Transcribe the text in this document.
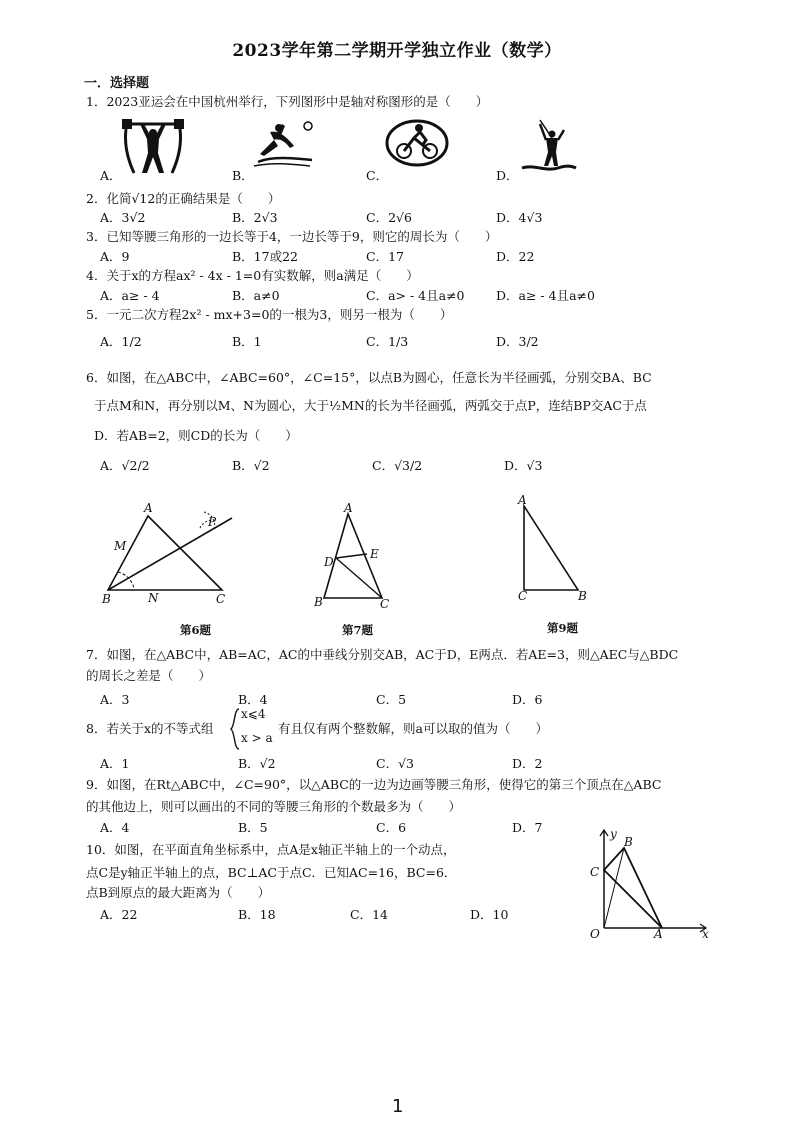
2023学年第二学期开学独立作业（数学）
一．选择题
1．2023亚运会在中国杭州举行，下列图形中是轴对称图形的是（　　）
A．	B．	C．	D．
2．化简√12的正确结果是（　　）
A．3√2	B．2√3	C．2√6	D．4√3
3．已知等腰三角形的一边长等于4，一边长等于9，则它的周长为（　　）
A．9	B．17或22	C．17	D．22
4．关于x的方程ax² - 4x - 1=0有实数解，则a满足（　　）
A．a≥ - 4	B．a≠0	C．a> - 4且a≠0	D．a≥ - 4且a≠0
5．一元二次方程2x² - mx+3=0的一根为3，则另一根为（　　）
A．1/2	B．1	C．1/3	D．3/2
6．如图，在△ABC中，∠ABC=60°，∠C=15°，以点B为圆心，任意长为半径画弧，分别交BA、BC
于点M和N，再分别以M、N为圆心，大于½MN的长为半径画弧，两弧交于点P，连结BP交AC于点
D．若AB=2，则CD的长为（　　）
A．√2/2	B．√2	C．√3/2	D．√3
A
M
P
B	N	C
第6题
A
E
D
B	C
第7题
A
C	B
第9题
7．如图，在△ABC中，AB=AC，AC的中垂线分别交AB，AC于D，E两点．若AE=3，则△AEC与△BDC
的周长之差是（　　）
A．3	B．4	C．5	D．6
8．若关于x的不等式组
x⩽4
x > a
有且仅有两个整数解，则a可以取的值为（　　）
A．1	B．√2	C．√3	D．2
9．如图，在Rt△ABC中，∠C=90°，以△ABC的一边为边画等腰三角形，使得它的第三个顶点在△ABC
的其他边上，则可以画出的不同的等腰三角形的个数最多为（　　）
A．4	B．5	C．6	D．7
10．如图，在平面直角坐标系中，点A是x轴正半轴上的一个动点，
点C是y轴正半轴上的点，BC⊥AC于点C．已知AC=16，BC=6．
点B到原点的最大距离为（　　）
A．22	B．18	C．14	D．10
y
B
C
O	A	x
1
